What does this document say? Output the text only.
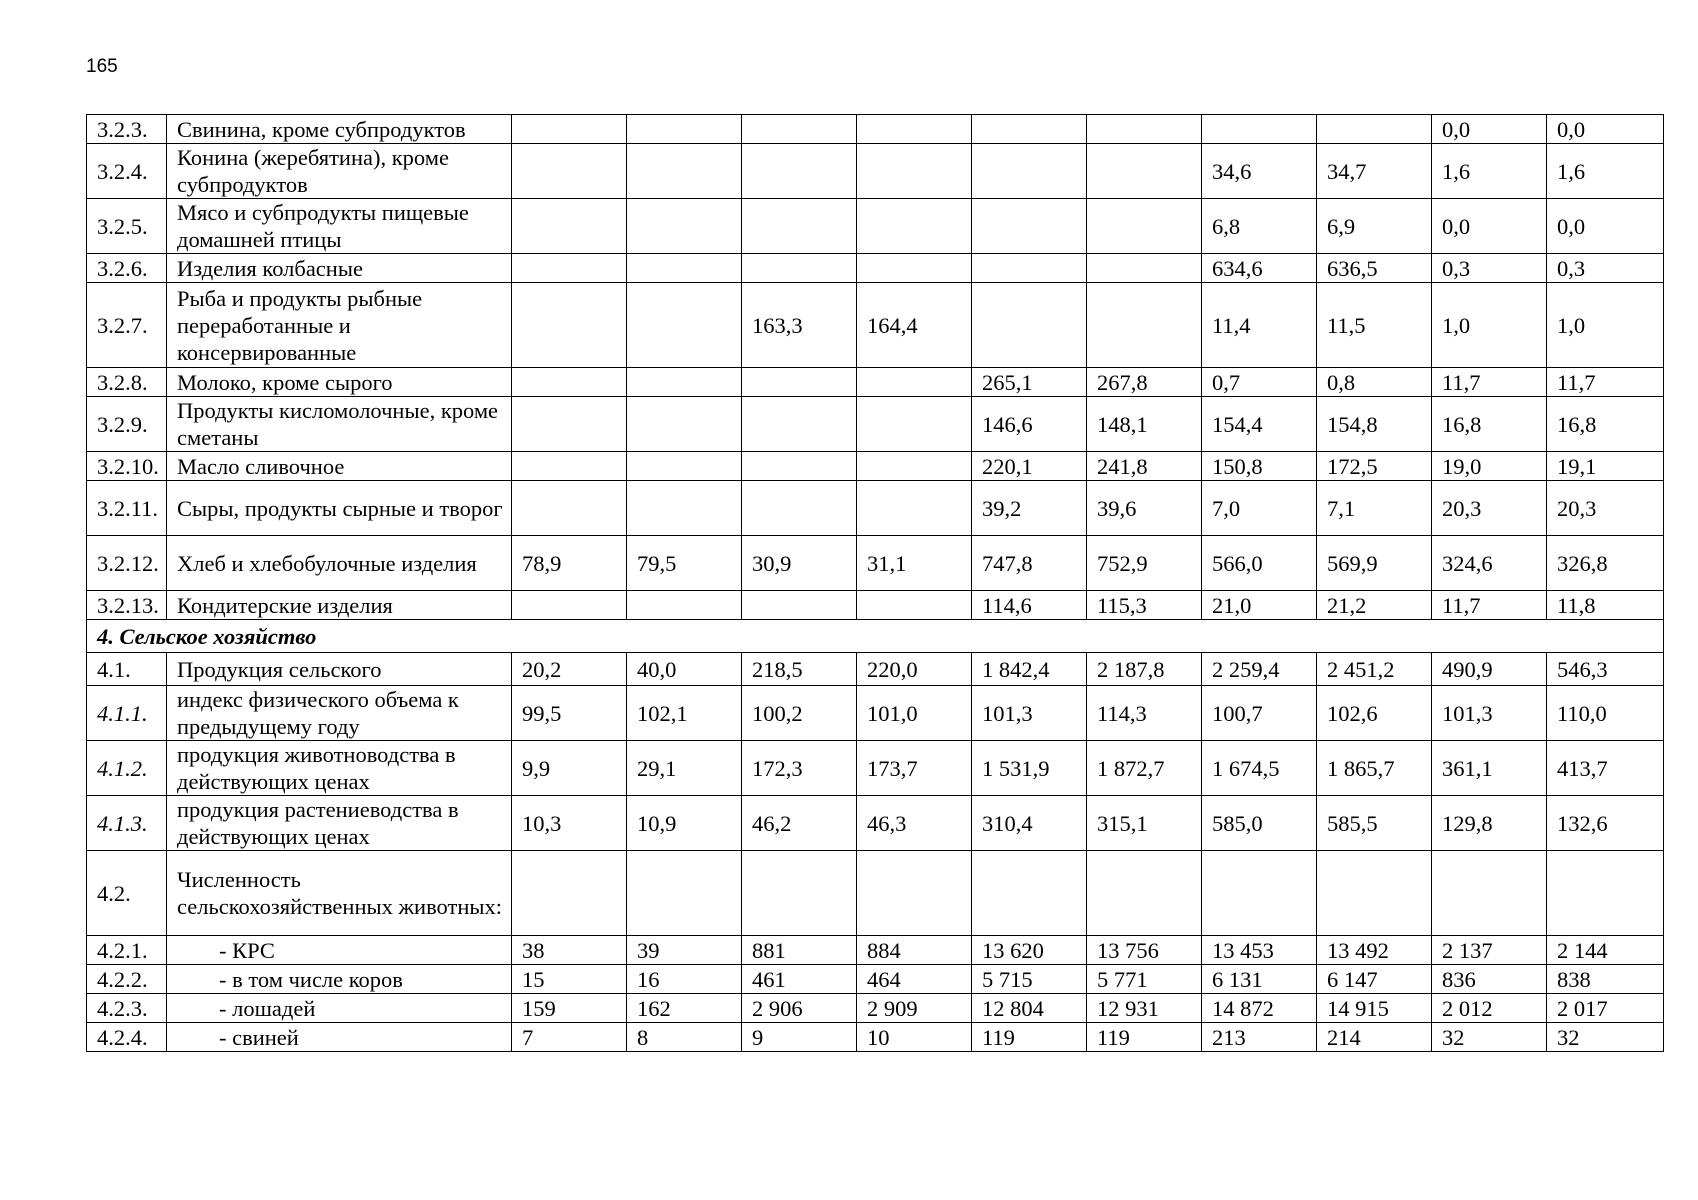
165
3.2.3.	Свинина, кроме субпродуктов									0,0	0,0
3.2.4.	Конина (жеребятина), кроме субпродуктов							34,6	34,7	1,6	1,6
3.2.5.	Мясо и субпродукты пищевые домашней птицы							6,8	6,9	0,0	0,0
3.2.6.	Изделия колбасные							634,6	636,5	0,3	0,3
3.2.7.	Рыба и продукты рыбные переработанные и консервированные			163,3	164,4			11,4	11,5	1,0	1,0
3.2.8.	Молоко, кроме сырого					265,1	267,8	0,7	0,8	11,7	11,7
3.2.9.	Продукты кисломолочные, кроме сметаны					146,6	148,1	154,4	154,8	16,8	16,8
3.2.10.	Масло сливочное					220,1	241,8	150,8	172,5	19,0	19,1
3.2.11.	Сыры, продукты сырные и творог					39,2	39,6	7,0	7,1	20,3	20,3
3.2.12.	Хлеб и хлебобулочные изделия	78,9	79,5	30,9	31,1	747,8	752,9	566,0	569,9	324,6	326,8
3.2.13.	Кондитерские изделия					114,6	115,3	21,0	21,2	11,7	11,8
4. Сельское хозяйство											
4.1.	Продукция сельского	20,2	40,0	218,5	220,0	1 842,4	2 187,8	2 259,4	2 451,2	490,9	546,3
4.1.1.	индекс физического объема к предыдущему году	99,5	102,1	100,2	101,0	101,3	114,3	100,7	102,6	101,3	110,0
4.1.2.	продукция животноводства в действующих ценах	9,9	29,1	172,3	173,7	1 531,9	1 872,7	1 674,5	1 865,7	361,1	413,7
4.1.3.	продукция растениеводства в действующих ценах	10,3	10,9	46,2	46,3	310,4	315,1	585,0	585,5	129,8	132,6
4.2.	Численность сельскохозяйственных животных:										
4.2.1.	- КРС	38	39	881	884	13 620	13 756	13 453	13 492	2 137	2 144
4.2.2.	- в том числе коров	15	16	461	464	5 715	5 771	6 131	6 147	836	838
4.2.3.	- лошадей	159	162	2 906	2 909	12 804	12 931	14 872	14 915	2 012	2 017
4.2.4.	- свиней	7	8	9	10	119	119	213	214	32	32
